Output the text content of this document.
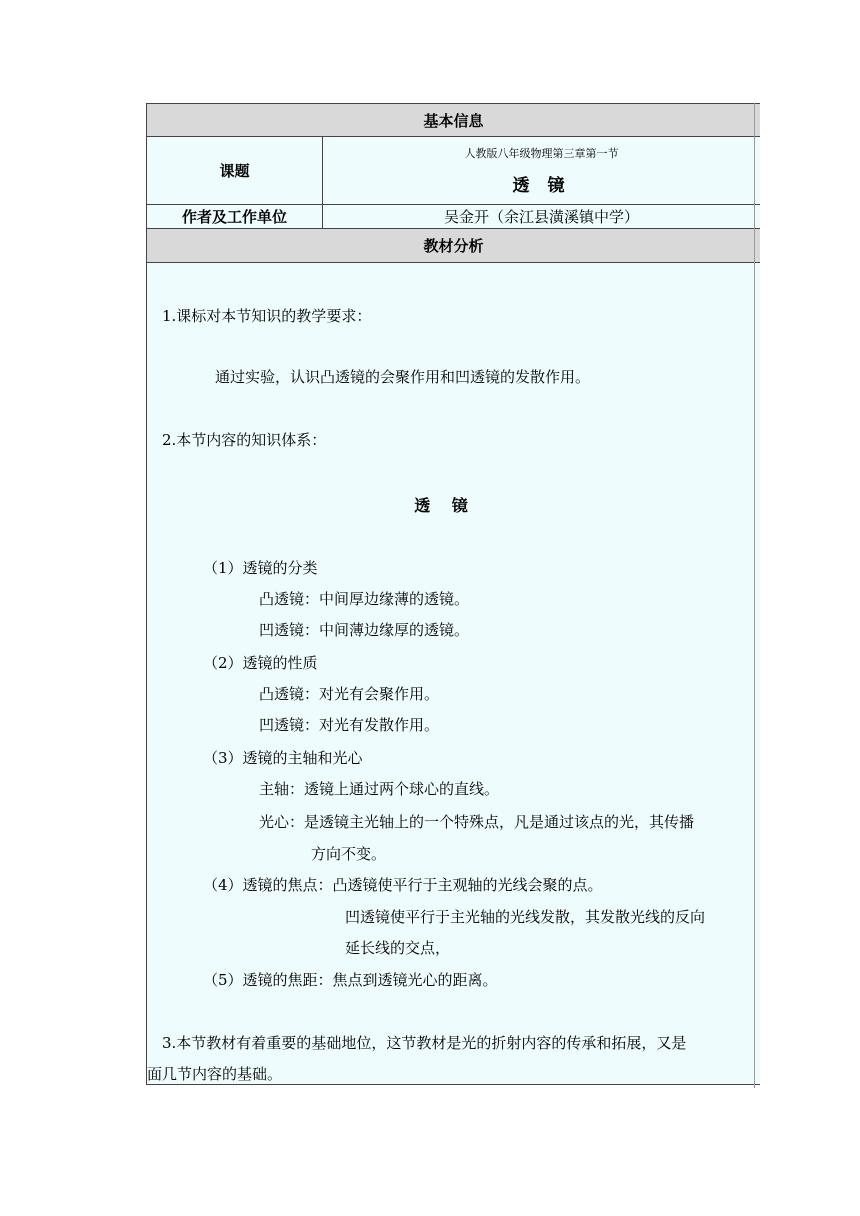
基本信息
课题
人教版八年级物理第三章第一节
透 镜
作者及工作单位	吴金开（余江县潢溪镇中学）
教材分析
1.课标对本节知识的教学要求：
通过实验，认识凸透镜的会聚作用和凹透镜的发散作用。
2.本节内容的知识体系：
透 镜
（1）透镜的分类
凸透镜：中间厚边缘薄的透镜。
凹透镜：中间薄边缘厚的透镜。
（2）透镜的性质
凸透镜：对光有会聚作用。
凹透镜：对光有发散作用。
（3）透镜的主轴和光心
主轴：透镜上通过两个球心的直线。
光心：是透镜主光轴上的一个特殊点，凡是通过该点的光，其传播
方向不变。
（4）透镜的焦点：凸透镜使平行于主观轴的光线会聚的点。
凹透镜使平行于主光轴的光线发散，其发散光线的反向
延长线的交点，
（5）透镜的焦距：焦点到透镜光心的距离。
3.本节教材有着重要的基础地位，这节教材是光的折射内容的传承和拓展，又是
面几节内容的基础。
